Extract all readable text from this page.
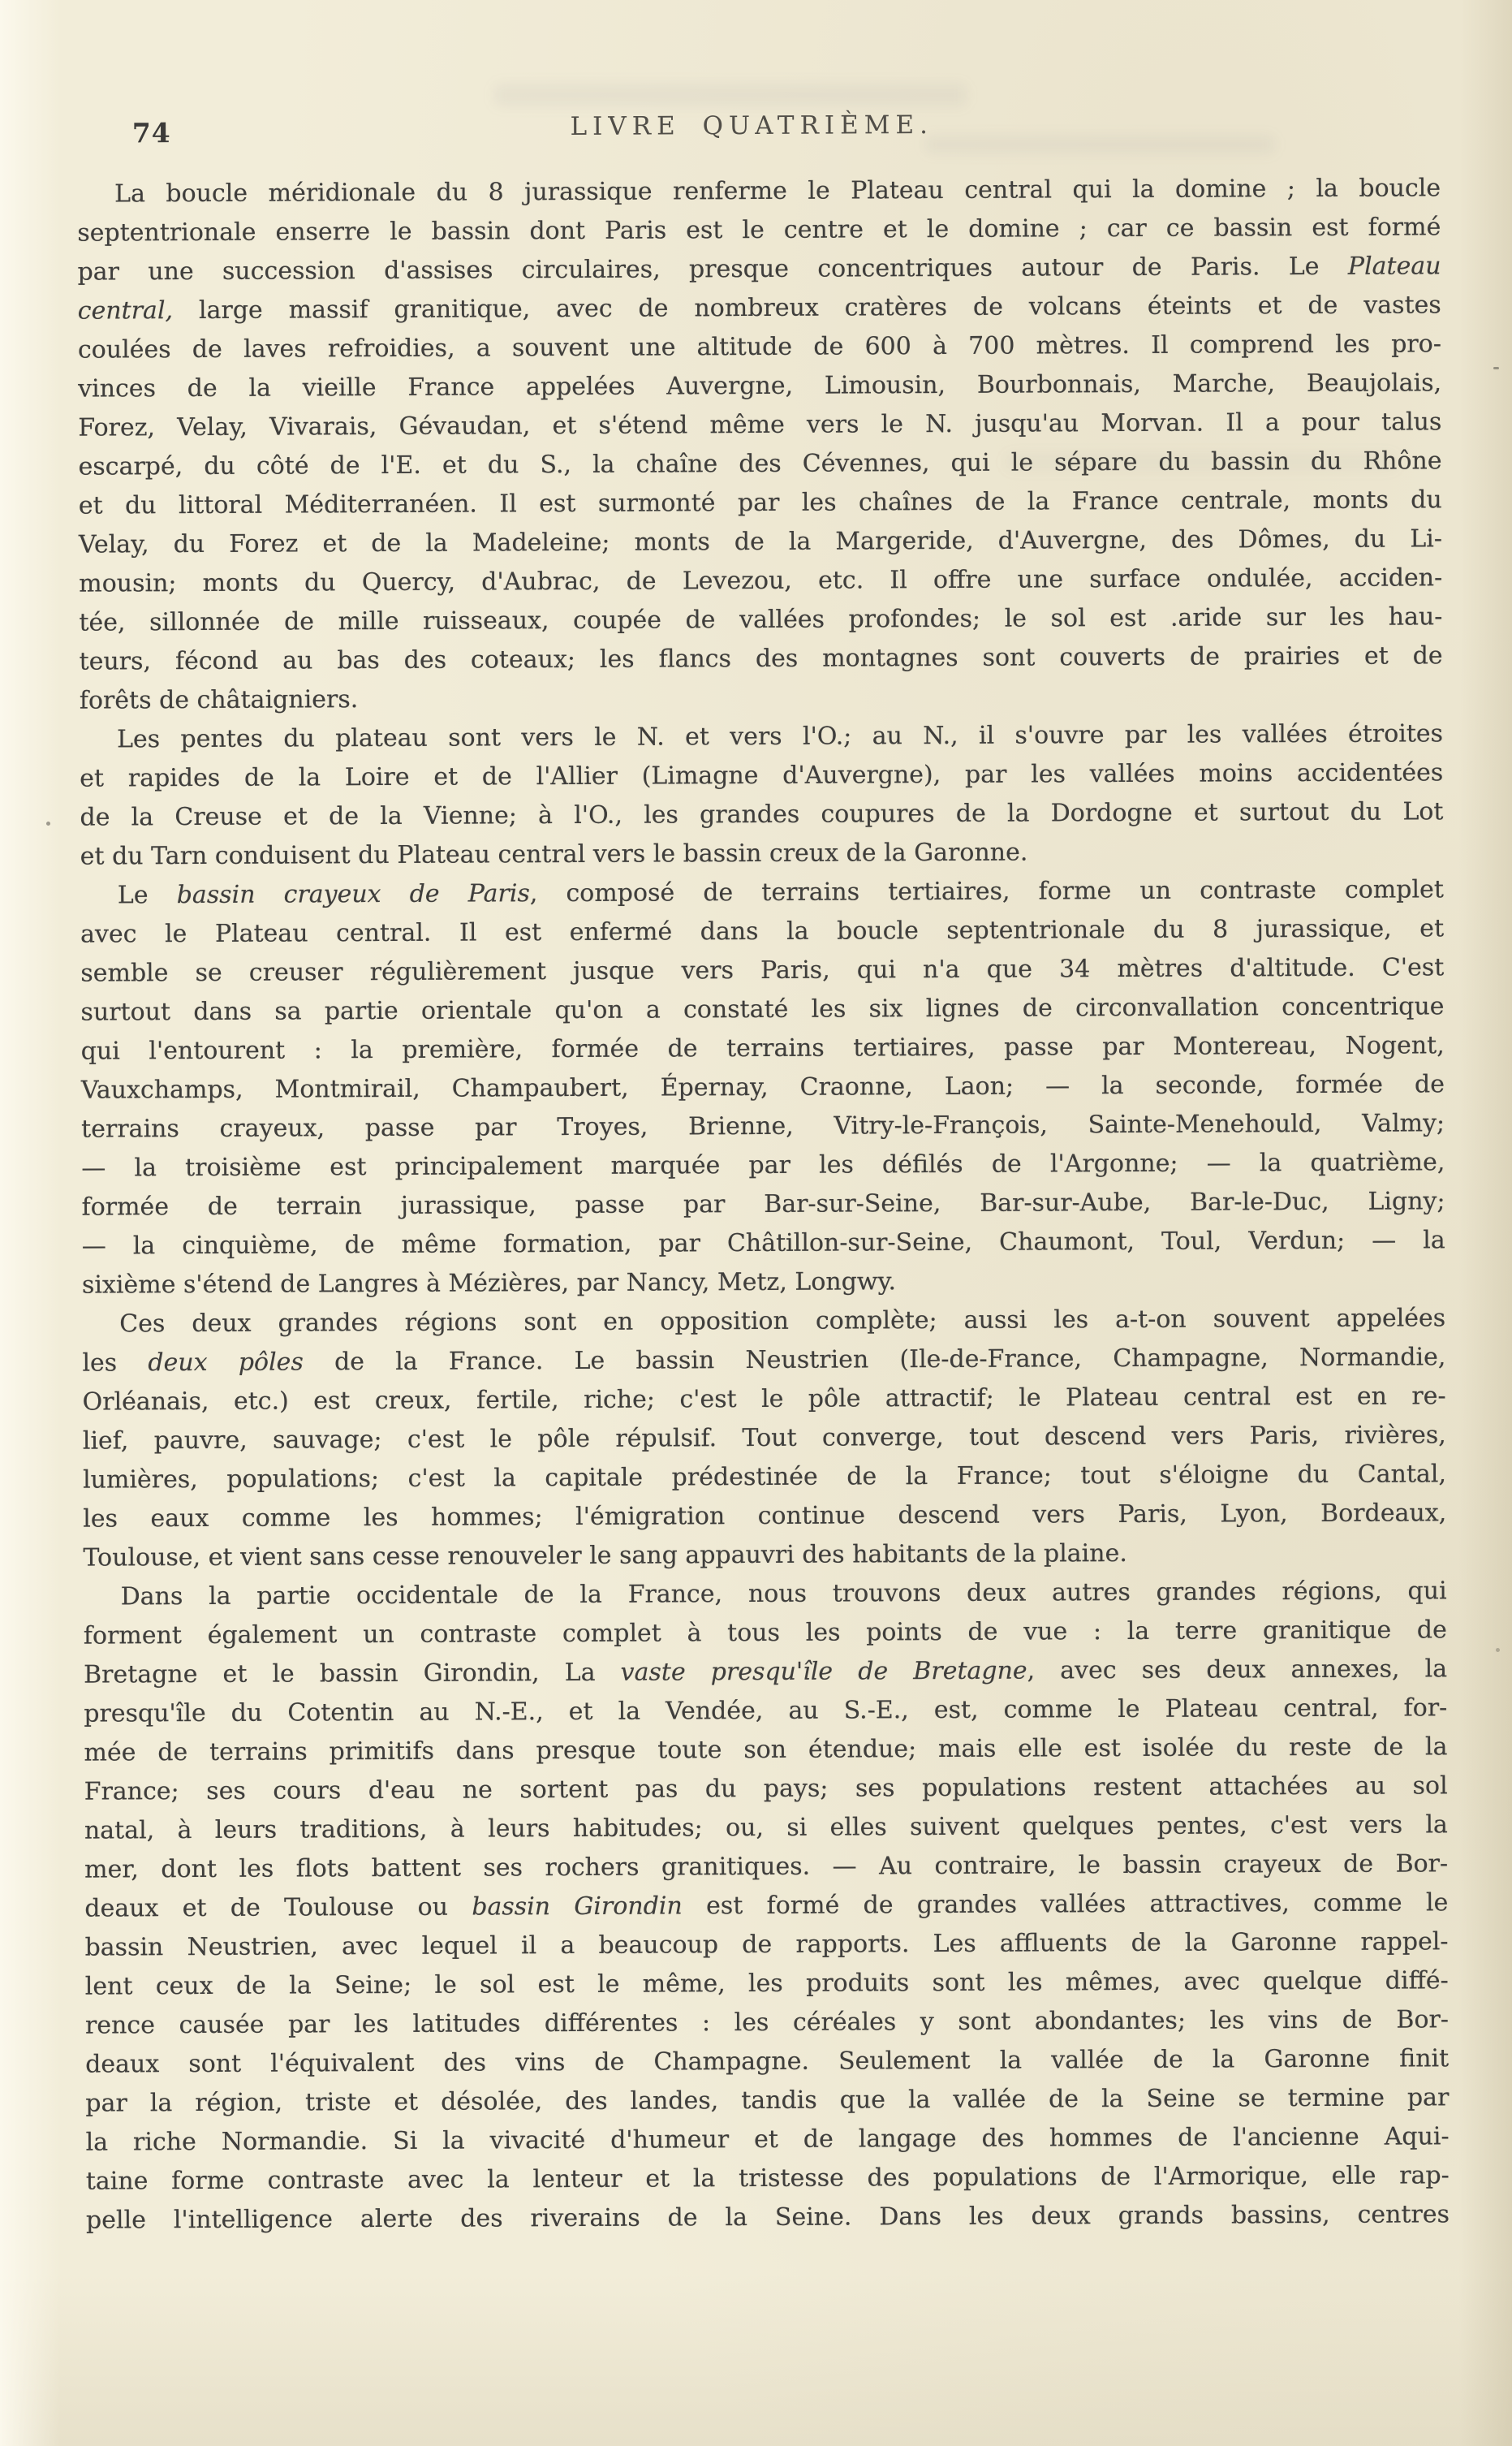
74	LIVRE QUATRIÈME.
La boucle méridionale du 8 jurassique renferme le Plateau central qui la domine ; la boucle
septentrionale enserre le bassin dont Paris est le centre et le domine ; car ce bassin est formé
par une succession d'assises circulaires, presque concentriques autour de Paris. Le Plateau
central, large massif granitique, avec de nombreux cratères de volcans éteints et de vastes
coulées de laves refroidies, a souvent une altitude de 600 à 700 mètres. Il comprend les pro-
vinces de la vieille France appelées Auvergne, Limousin, Bourbonnais, Marche, Beaujolais,
Forez, Velay, Vivarais, Gévaudan, et s'étend même vers le N. jusqu'au Morvan. Il a pour talus
escarpé, du côté de l'E. et du S., la chaîne des Cévennes, qui le sépare du bassin du Rhône
et du littoral Méditerranéen. Il est surmonté par les chaînes de la France centrale, monts du
Velay, du Forez et de la Madeleine; monts de la Margeride, d'Auvergne, des Dômes, du Li-
mousin; monts du Quercy, d'Aubrac, de Levezou, etc. Il offre une surface ondulée, acciden-
tée, sillonnée de mille ruisseaux, coupée de vallées profondes; le sol est .aride sur les hau-
teurs, fécond au bas des coteaux; les flancs des montagnes sont couverts de prairies et de
forêts de châtaigniers.
Les pentes du plateau sont vers le N. et vers l'O.; au N., il s'ouvre par les vallées étroites
et rapides de la Loire et de l'Allier (Limagne d'Auvergne), par les vallées moins accidentées
de la Creuse et de la Vienne; à l'O., les grandes coupures de la Dordogne et surtout du Lot
et du Tarn conduisent du Plateau central vers le bassin creux de la Garonne.
Le bassin crayeux de Paris, composé de terrains tertiaires, forme un contraste complet
avec le Plateau central. Il est enfermé dans la boucle septentrionale du 8 jurassique, et
semble se creuser régulièrement jusque vers Paris, qui n'a que 34 mètres d'altitude. C'est
surtout dans sa partie orientale qu'on a constaté les six lignes de circonvallation concentrique
qui l'entourent : la première, formée de terrains tertiaires, passe par Montereau, Nogent,
Vauxchamps, Montmirail, Champaubert, Épernay, Craonne, Laon; — la seconde, formée de
terrains crayeux, passe par Troyes, Brienne, Vitry-le-François, Sainte-Menehould, Valmy;
— la troisième est principalement marquée par les défilés de l'Argonne; — la quatrième,
formée de terrain jurassique, passe par Bar-sur-Seine, Bar-sur-Aube, Bar-le-Duc, Ligny;
— la cinquième, de même formation, par Châtillon-sur-Seine, Chaumont, Toul, Verdun; — la
sixième s'étend de Langres à Mézières, par Nancy, Metz, Longwy.
Ces deux grandes régions sont en opposition complète; aussi les a-t-on souvent appelées
les deux pôles de la France. Le bassin Neustrien (Ile-de-France, Champagne, Normandie,
Orléanais, etc.) est creux, fertile, riche; c'est le pôle attractif; le Plateau central est en re-
lief, pauvre, sauvage; c'est le pôle répulsif. Tout converge, tout descend vers Paris, rivières,
lumières, populations; c'est la capitale prédestinée de la France; tout s'éloigne du Cantal,
les eaux comme les hommes; l'émigration continue descend vers Paris, Lyon, Bordeaux,
Toulouse, et vient sans cesse renouveler le sang appauvri des habitants de la plaine.
Dans la partie occidentale de la France, nous trouvons deux autres grandes régions, qui
forment également un contraste complet à tous les points de vue : la terre granitique de
Bretagne et le bassin Girondin, La vaste presqu'île de Bretagne, avec ses deux annexes, la
presqu'île du Cotentin au N.-E., et la Vendée, au S.-E., est, comme le Plateau central, for-
mée de terrains primitifs dans presque toute son étendue; mais elle est isolée du reste de la
France; ses cours d'eau ne sortent pas du pays; ses populations restent attachées au sol
natal, à leurs traditions, à leurs habitudes; ou, si elles suivent quelques pentes, c'est vers la
mer, dont les flots battent ses rochers granitiques. — Au contraire, le bassin crayeux de Bor-
deaux et de Toulouse ou bassin Girondin est formé de grandes vallées attractives, comme le
bassin Neustrien, avec lequel il a beaucoup de rapports. Les affluents de la Garonne rappel-
lent ceux de la Seine; le sol est le même, les produits sont les mêmes, avec quelque diffé-
rence causée par les latitudes différentes : les céréales y sont abondantes; les vins de Bor-
deaux sont l'équivalent des vins de Champagne. Seulement la vallée de la Garonne finit
par la région, triste et désolée, des landes, tandis que la vallée de la Seine se termine par
la riche Normandie. Si la vivacité d'humeur et de langage des hommes de l'ancienne Aqui-
taine forme contraste avec la lenteur et la tristesse des populations de l'Armorique, elle rap-
pelle l'intelligence alerte des riverains de la Seine. Dans les deux grands bassins, centres
